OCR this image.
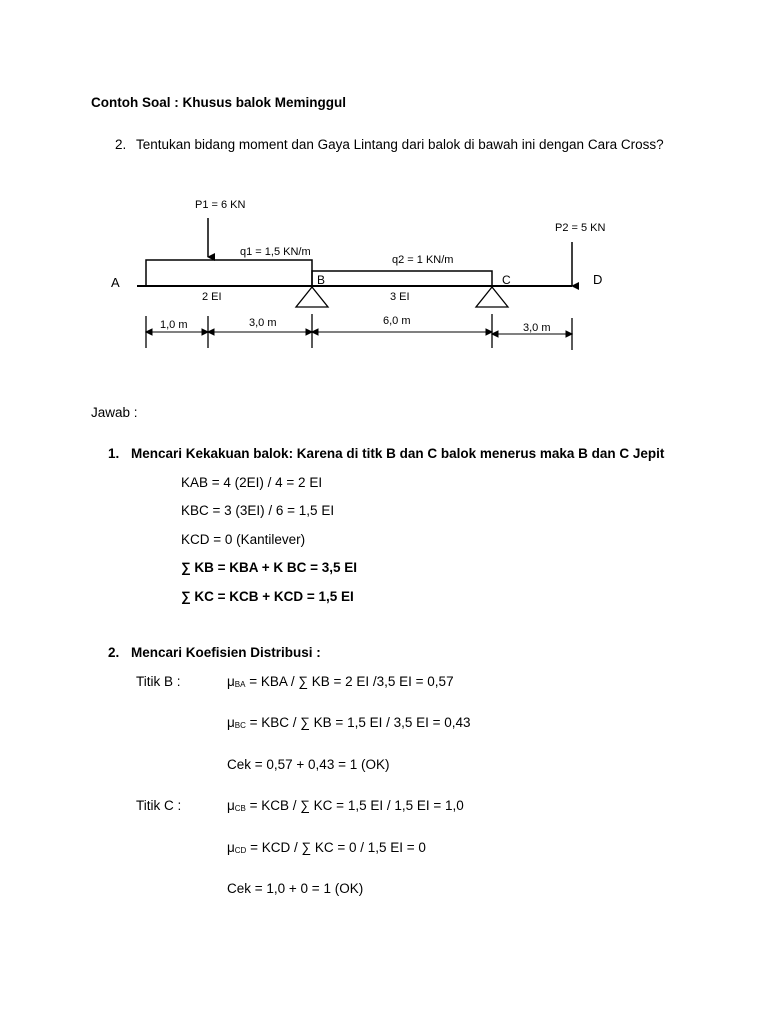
Contoh Soal : Khusus balok Meminggul
2. Tentukan bidang moment dan Gaya Lintang dari balok di bawah ini dengan Cara Cross?
P1 = 6 KN
P2 = 5 KN
q1 = 1,5 KN/m
q2 = 1 KN/m
A	B	C	D
2 EI	3 EI
1,0 m	3,0 m	6,0 m
3,0 m
Jawab :
1. Mencari Kekakuan balok: Karena di titk B dan C balok menerus maka B dan C Jepit
KAB = 4 (2EI) / 4 = 2 EI
KBC = 3 (3EI) / 6 = 1,5 EI
KCD = 0 (Kantilever)
∑ KB = KBA + K BC = 3,5 EI
∑ KC = KCB + KCD = 1,5 EI
2. Mencari Koefisien Distribusi :
Titik B :	$\mu_{BA}$ = KBA / ∑ KB = 2 EI /3,5 EI = 0,57
$\mu_{BC}$ = KBC / ∑ KB = 1,5 EI / 3,5 EI = 0,43
Cek = 0,57 + 0,43 = 1 (OK)
Titik C :	$\mu_{CB}$ = KCB / ∑ KC = 1,5 EI / 1,5 EI = 1,0
$\mu_{CD}$ = KCD / ∑ KC = 0 / 1,5 EI = 0
Cek = 1,0 + 0 = 1 (OK)
